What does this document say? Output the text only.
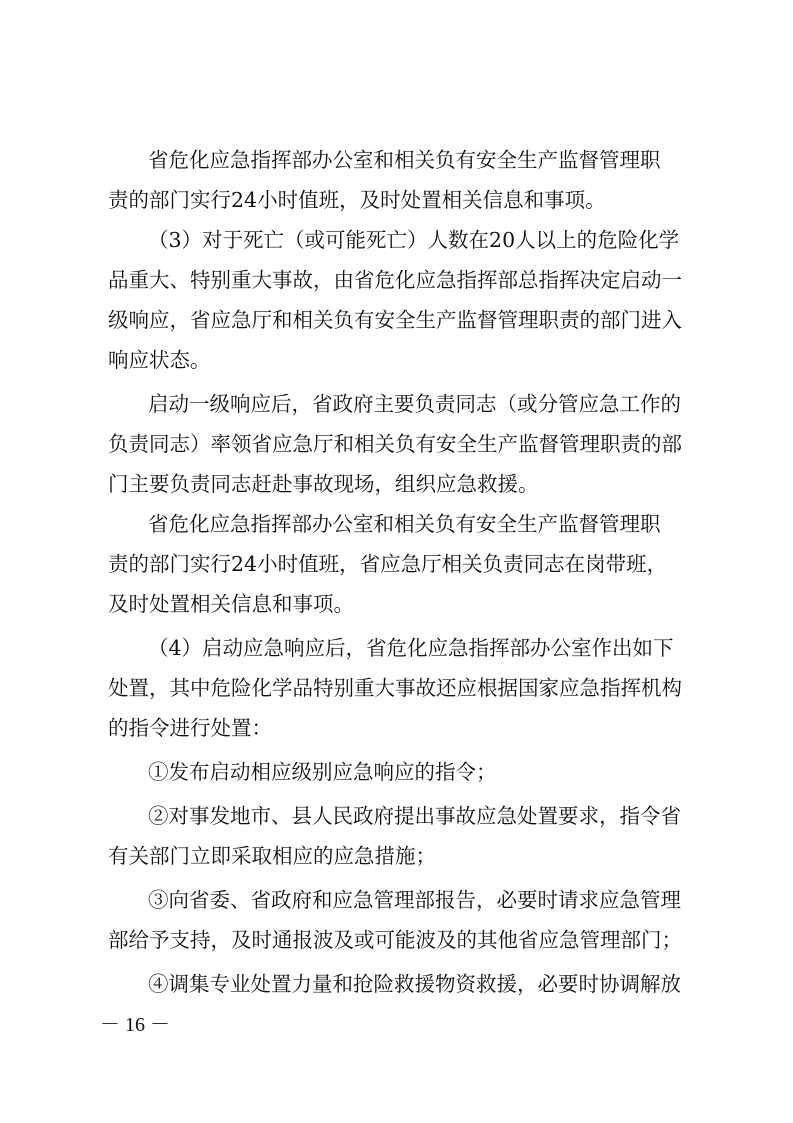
省危化应急指挥部办公室和相关负有安全生产监督管理职
责的部门实行24小时值班，及时处置相关信息和事项。
（3）对于死亡（或可能死亡）人数在20人以上的危险化学
品重大、特别重大事故，由省危化应急指挥部总指挥决定启动一
级响应，省应急厅和相关负有安全生产监督管理职责的部门进入
响应状态。
启动一级响应后，省政府主要负责同志（或分管应急工作的
负责同志）率领省应急厅和相关负有安全生产监督管理职责的部
门主要负责同志赶赴事故现场，组织应急救援。
省危化应急指挥部办公室和相关负有安全生产监督管理职
责的部门实行24小时值班，省应急厅相关负责同志在岗带班，
及时处置相关信息和事项。
（4）启动应急响应后，省危化应急指挥部办公室作出如下
处置，其中危险化学品特别重大事故还应根据国家应急指挥机构
的指令进行处置：
①发布启动相应级别应急响应的指令；
②对事发地市、县人民政府提出事故应急处置要求，指令省
有关部门立即采取相应的应急措施；
③向省委、省政府和应急管理部报告，必要时请求应急管理
部给予支持，及时通报波及或可能波及的其他省应急管理部门；
④调集专业处置力量和抢险救援物资救援，必要时协调解放
－ 16 －
